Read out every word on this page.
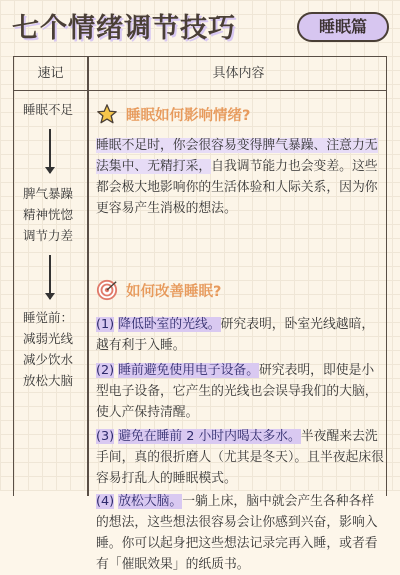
七个情绪调节技巧	睡眠篇
速记	具体内容
睡眠不足
脾气暴躁
精神恍惚
调节力差
睡觉前：
减弱光线
减少饮水
放松大脑
睡眠如何影响情绪?
睡眠不足时，你会很容易变得脾气暴躁、注意力无法集中、无精打采，自我调节能力也会变差。这些都会极大地影响你的生活体验和人际关系，因为你更容易产生消极的想法。
如何改善睡眠?
(1) 降低卧室的光线。研究表明，卧室光线越暗，越有利于入睡。
(2) 睡前避免使用电子设备。研究表明，即使是小型电子设备，它产生的光线也会误导我们的大脑，使人产保持清醒。
(3) 避免在睡前 2 小时内喝太多水。半夜醒来去洗手间，真的很折磨人（尤其是冬天）。且半夜起床很容易打乱人的睡眠模式。
(4) 放松大脑。一躺上床，脑中就会产生各种各样的想法，这些想法很容易会让你感到兴奋，影响入睡。你可以起身把这些想法记录完再入睡，或者看有「催眠效果」的纸质书。
